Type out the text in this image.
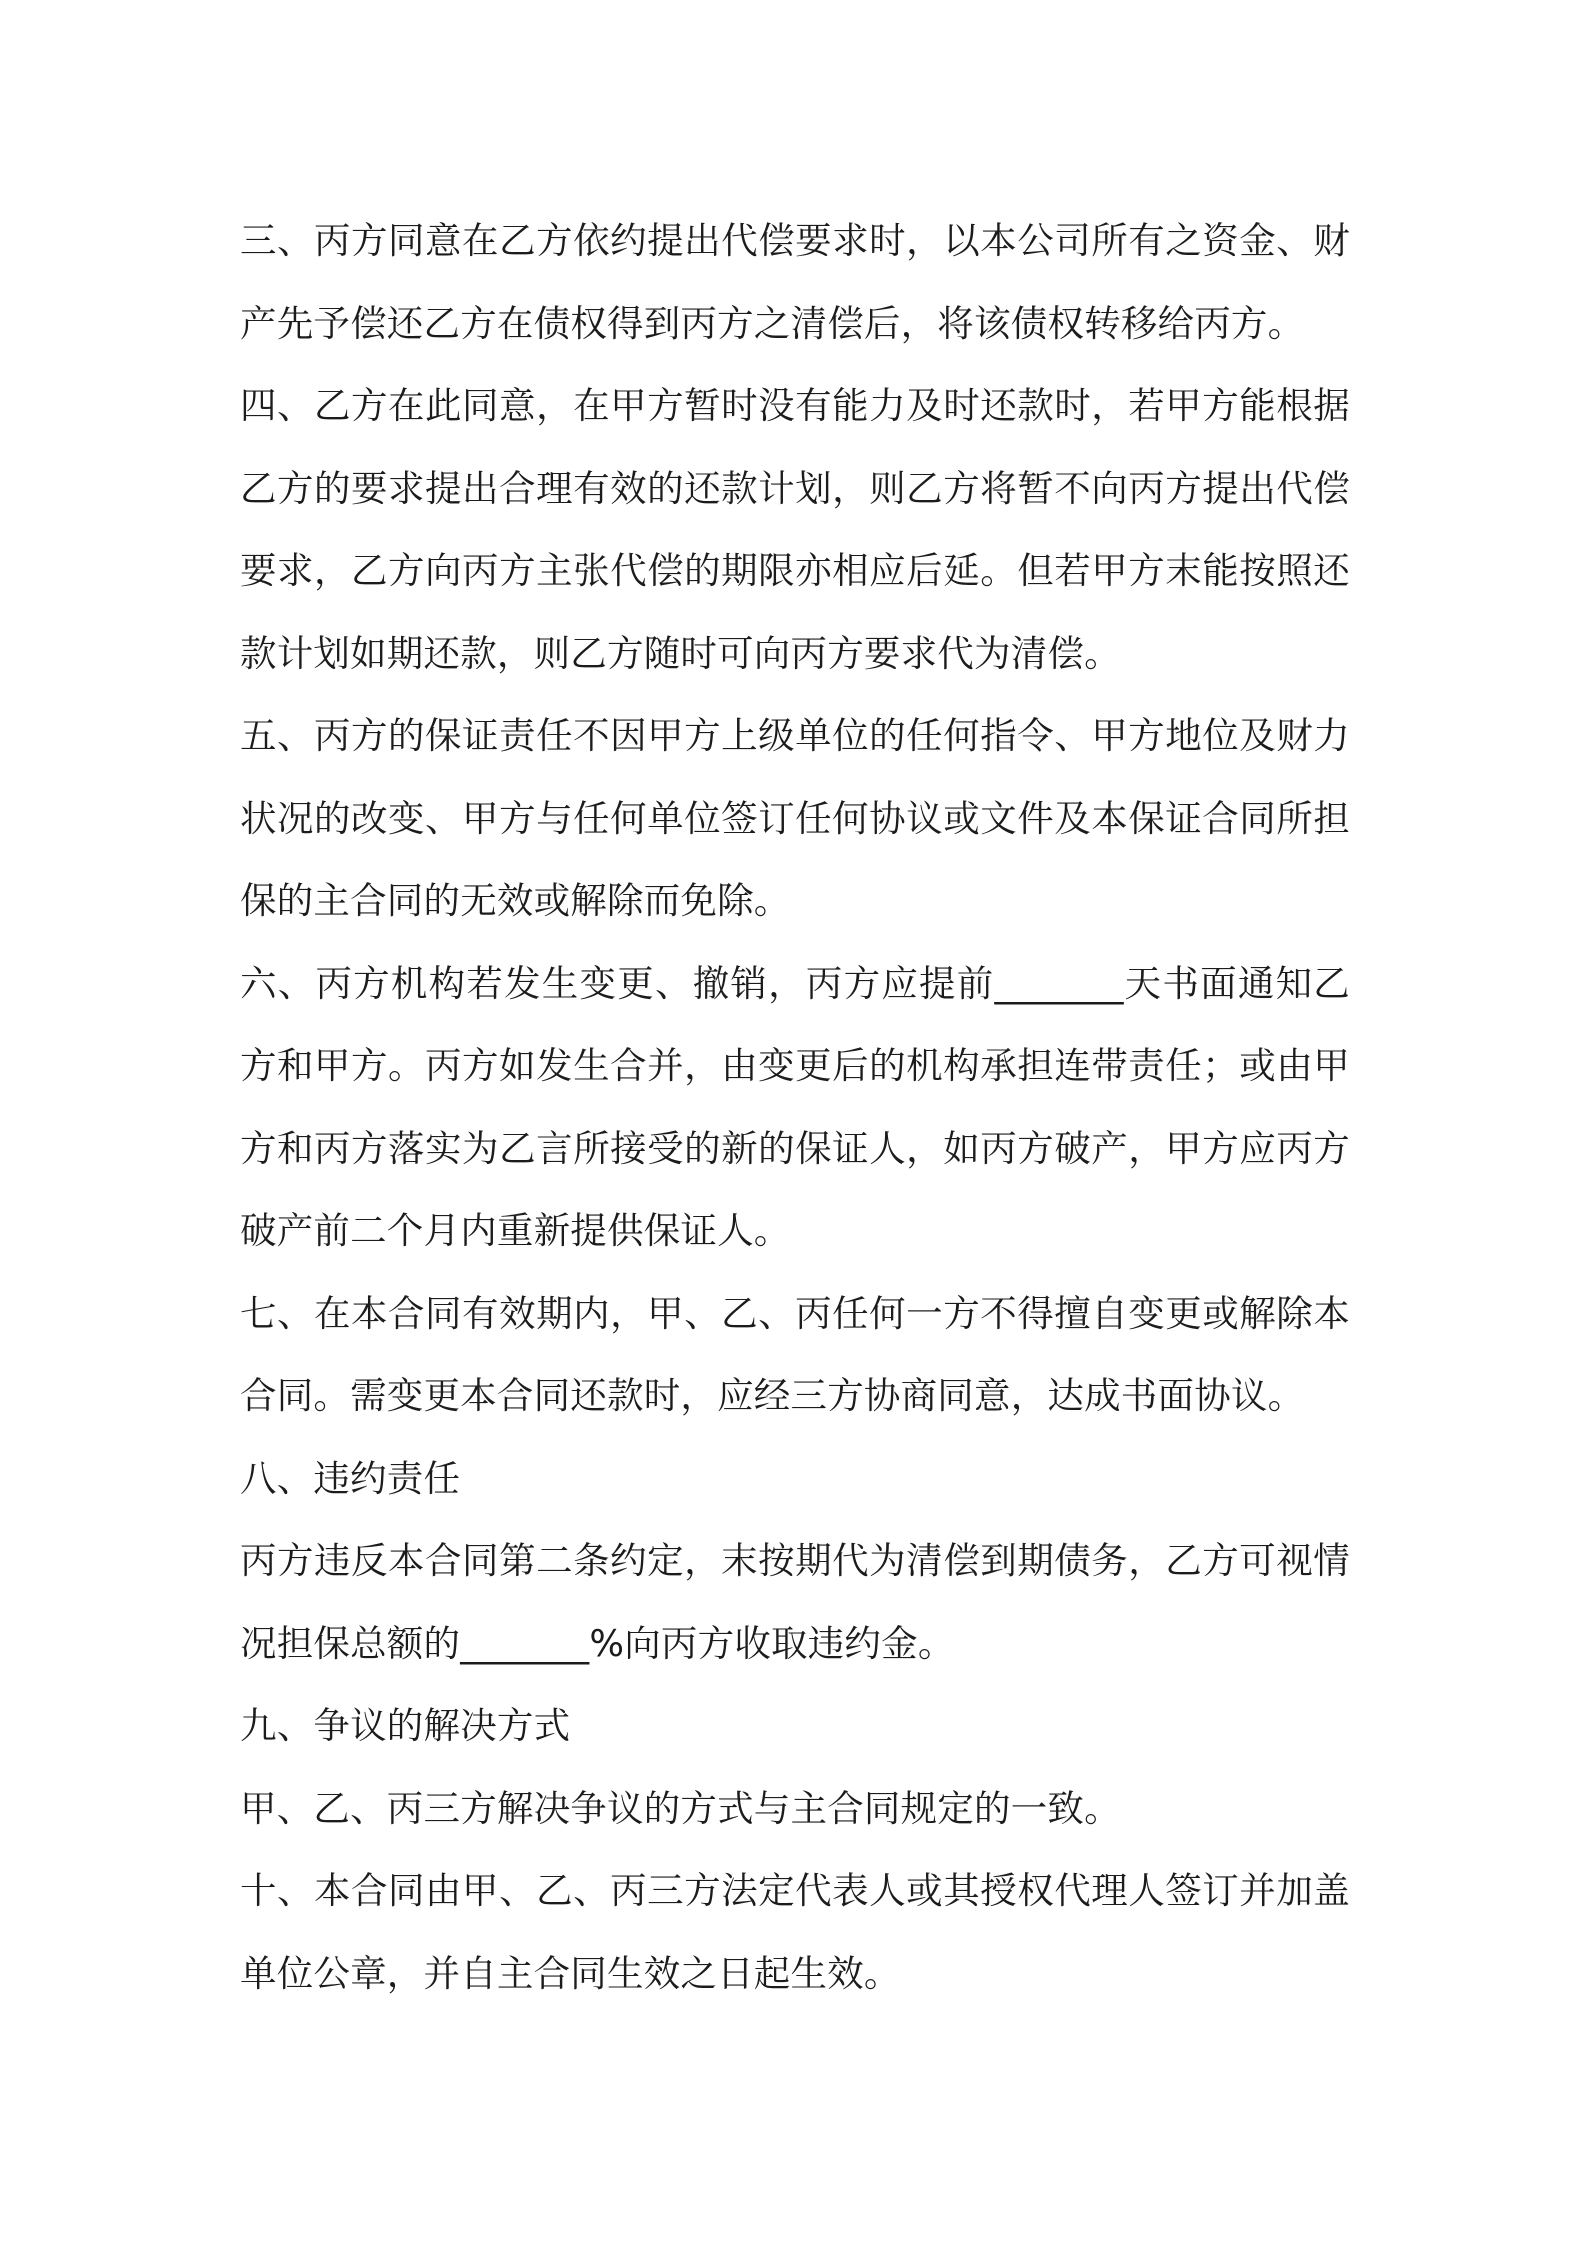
三、丙方同意在乙方依约提出代偿要求时，以本公司所有之资金、财产先予偿还乙方在债权得到丙方之清偿后，将该债权转移给丙方。

四、乙方在此同意，在甲方暂时没有能力及时还款时，若甲方能根据乙方的要求提出合理有效的还款计划，则乙方将暂不向丙方提出代偿要求，乙方向丙方主张代偿的期限亦相应后延。但若甲方末能按照还款计划如期还款，则乙方随时可向丙方要求代为清偿。

五、丙方的保证责任不因甲方上级单位的任何指令、甲方地位及财力状况的改变、甲方与任何单位签订任何协议或文件及本保证合同所担保的主合同的无效或解除而免除。

六、丙方机构若发生变更、撤销，丙方应提前_______天书面通知乙方和甲方。丙方如发生合并，由变更后的机构承担连带责任；或由甲方和丙方落实为乙言所接受的新的保证人，如丙方破产，甲方应丙方破产前二个月内重新提供保证人。

七、在本合同有效期内，甲、乙、丙任何一方不得擅自变更或解除本合同。需变更本合同还款时，应经三方协商同意，达成书面协议。

八、违约责任

丙方违反本合同第二条约定，末按期代为清偿到期债务，乙方可视情况担保总额的_______%向丙方收取违约金。

九、争议的解决方式

甲、乙、丙三方解决争议的方式与主合同规定的一致。

十、本合同由甲、乙、丙三方法定代表人或其授权代理人签订并加盖单位公章，并自主合同生效之日起生效。
